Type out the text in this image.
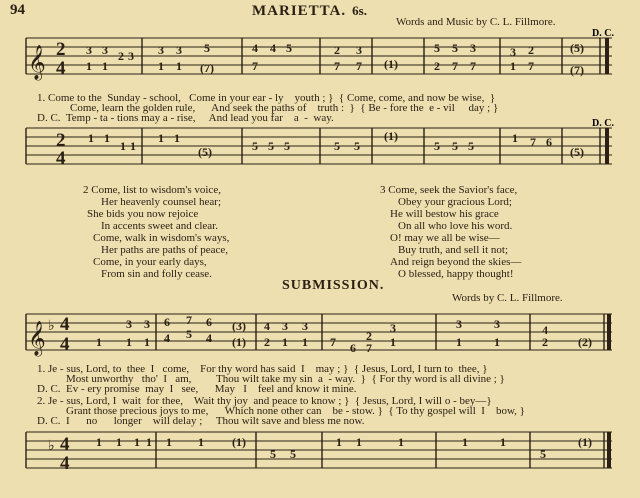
94	MARIETTA. 6s.
Words and Music by C. L. Fillmore.
𝄞 2
4
3
1
3
1
2 3 3
1
3
1
5
(7)
4
7
4 5	2
7
3
7 (1)
5
2
5
7
3
7
3
1
2
7
(5)
(7)
D. C.
2
4
1 1
1 1
1 1
(5)	5 5 5	5 5
(1)
5 5 5
1 7 6
(5)
D. C.
𝄞 ♭ 4
4 1
3
1
3
1
6
4
7
5
6
4
(3)
(1)
4
2
3
1
3
1 7 6
2
7
3
1
3
1
3
1
4
2	(2)
♭ 4
4
1 1 1 1 1 1 (1)
5 5
1 1	1	1	1
5
(1)
1. Come to the  Sunday - school,   Come in your ear - ly    youth ; }  { Come, come, and now be wise,  }
Come, learn the golden rule,      And seek the paths of    truth :  }  { Be - fore the  e - vil     day ; }
D. C.  Temp - ta - tions may a - rise,     And lead you far    a  -  way.
2 Come, list to wisdom's voice,
Her heavenly counsel hear;
She bids you now rejoice
In accents sweet and clear.
Come, walk in wisdom's ways,
Her paths are paths of peace,
Come, in your early days,
From sin and folly cease.
3 Come, seek the Savior's face,
Obey your gracious Lord;
He will bestow his grace
On all who love his word.
O! may we all be wise—
Buy truth, and sell it not;
And reign beyond the skies—
O blessed, happy thought!
SUBMISSION.
Words by C. L. Fillmore.
1. Je - sus, Lord, to  thee  I   come,    For thy word has said  I    may ; }  { Jesus, Lord, I turn to  thee, }
Most unworthy   tho'  I   am,         Thou wilt take my sin  a  - way.  }  { For thy word is all divine ; }
D. C.  Ev - ery promise  may  I   see,      May   I    feel and know it mine.
2. Je - sus, Lord, I  wait  for thee,    Wait thy joy  and peace to know ; }  { Jesus, Lord, I will o - bey—}
Grant those precious joys to me,      Which none other can    be - stow. }  { To thy gospel will  I    bow, }
D. C.  I      no      longer    will delay ;     Thou wilt save and bless me now.
